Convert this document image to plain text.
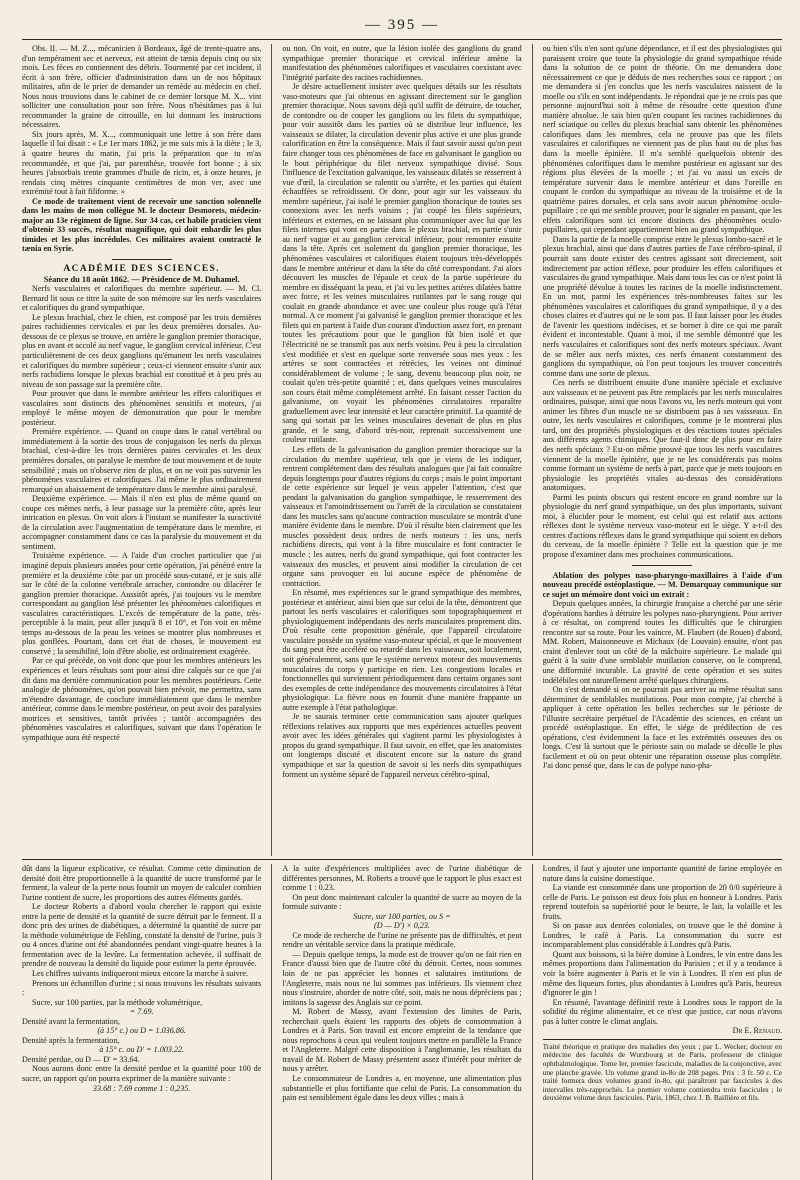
— 395 —

Obs. II. — M. Z..., mécanicien à Bordeaux, âgé de trente-quatre ans, d'un tempérament sec et nerveux, est atteint de tænia depuis cinq ou six mois. Les fèces en contiennent des débris. Tourmenté par cet incident, il écrit à son frère, officier d'administration dans un de nos hôpitaux militaires, afin de le prier de demander un remède au médecin en chef. Nous nous trouvions dans le cabinet de ce dernier lorsque M. X... vint solliciter une consultation pour son frère. Nous n'hésitâmes pas à lui recommander la graine de citrouille, en lui donnant les instructions nécessaires.

Six jours après, M. X..., communiquait une lettre à son frère dans laquelle il lui disait : « Le 1er mars 1862, je me suis mis à la diète ; le 3, à quatre heures du matin, j'ai pris la préparation que tu m'as recommandée, et que j'ai, par parenthèse, trouvée fort bonne ; à six heures j'absorbais trente grammes d'huile de ricin, et, à onze heures, je rendais cinq mètres cinquante centimètres de mon ver, avec une extrémité tout à fait filiforme. »

Ce mode de traitement vient de recevoir une sanction solennelle dans les mains de mon collègue M. le docteur Desmorets, médecin-major au 13e régiment de ligne. Sur 34 cas, cet habile praticien vient d'obtenir 33 succès, résultat magnifique, qui doit enhardir les plus timides et les plus incrédules. Ces militaires avaient contracté le tænia en Syrie.

ACADÉMIE DES SCIENCES.

Séance du 18 août 1862. — Présidence de M. Duhamel.

Nerfs vasculaires et calorifiques du membre supérieur. — M. Cl. Bernard lit sous ce titre la suite de son mémoire sur les nerfs vasculaires et calorifiques du grand sympathique.

Le plexus brachial, chez le chien, est composé par les trois dernières paires rachidiennes cervicales et par les deux premières dorsales. Au-dessous de ce plexus se trouve, en arrière le ganglion premier thoracique, plus en avant et accolé au nerf vague, le ganglion cervical inférieur. C'est particulièrement de ces deux ganglions qu'émanent les nerfs vasculaires et calorifiques du membre supérieur ; ceux-ci viennent ensuite s'unir aux nerfs rachidiens lorsque le plexus brachial est constitué et à peu près au niveau de son passage sur la première côte.

Pour prouver que dans le membre antérieur les effets calorifiques et vasculaires sont distincts des phénomènes sensitifs et moteurs, j'ai employé le même moyen de démonstration que pour le membre postérieur.

Première expérience. — Quand on coupe dans le canal vertébral ou immédiatement à la sortie des trous de conjugaison les nerfs du plexus brachial, c'est-à-dire les trois dernières paires cervicales et les deux premières dorsales, on paralyse le membre de tout mouvement et de toute sensibilité ; mais on n'observe rien de plus, et on ne voit pas survenir les phénomènes vasculaires et calorifiques. J'ai même le plus ordinairement remarqué un abaissement de température dans le membre ainsi paralysé.

Deuxième expérience. — Mais il n'en est plus de même quand on coupe ces mêmes nerfs, à leur passage sur la première côte, après leur intrication en plexus. On voit alors à l'instant se manifester la suractivité de la circulation avec l'augmentation de température dans le membre, et accompagner constamment dans ce cas la paralysie du mouvement et du sentiment.

Troisième expérience. — A l'aide d'un crochet particulier que j'ai imaginé depuis plusieurs années pour cette opération, j'ai pénétré entre la première et la deuxième côte par un procédé sous-cutané, et je suis allé sur le côté de la colonne vertébrale arracher, contondre ou dilacérer le ganglion premier thoracique. Aussitôt après, j'ai toujours vu le membre correspondant au ganglion lésé présenter les phénomènes calorifiques et vasculaires caractéristiques. L'excès de température de la patte, très-perceptible à la main, peut aller jusqu'à 8 et 10°, et l'on voit en même temps au-dessous de la peau les veines se montrer plus nombreuses et plus gonflées. Pourtant, dans cet état de choses, le mouvement est conservé ; la sensibilité, loin d'être abolie, est ordinairement exagérée.

Par ce qui précède, on voit donc que pour les membres antérieurs les expériences et leurs résultats sont pour ainsi dire calqués sur ce que j'ai dit dans ma dernière communication pour les membres postérieurs. Cette analogie de phénomènes, qu'on pouvait bien prévoir, me permettra, sans m'étendre davantage, de conclure immédiatement que dans le membre antérieur, comme dans le membre postérieur, on peut avoir des paralysies motrices et sensitives, tantôt privées ; tantôt accompagnées des phénomènes vasculaires et calorifiques, suivant que dans l'opération le sympathique aura été respecté

ou non. On voit, en outre, que la lésion isolée des ganglions du grand sympathique premier thoracique et cervical inférieur amène la manifestation des phénomènes calorifiques et vasculaires coexistant avec l'intégrité parfaite des racines rachidiennes.

Je désire actuellement insister avec quelques détails sur les résultats vaso-moteurs que j'ai obtenus en agissant directement sur le ganglion premier thoracique. Nous savons déjà qu'il suffit de détruire, de toucher, de contondre ou de couper les ganglions ou les filets du sympathique, pour voir aussitôt dans les parties où se distribue leur influence, les vaisseaux se dilater, la circulation devenir plus active et une plus grande calorification en être la conséquence. Mais il faut savoir aussi qu'on peut faire changer tous ces phénomènes de face en galvanisant le ganglion ou le bout périphérique du filet nerveux sympathique divisé. Sous l'influence de l'excitation galvanique, les vaisseaux dilatés se resserrent à vue d'œil, la circulation se ralentit ou s'arrête, et les parties qui étaient échauffées se refroidissent. Or donc, pour agir sur les vaisseaux du membre supérieur, j'ai isolé le premier ganglion thoracique de toutes ses connexions avec les nerfs voisins ; j'ai coupé les filets supérieurs, inférieurs et externes, en ne laissant plus communiquer avec lui que les filets internes qui vont en partie dans le plexus brachial, en partie s'unir au nerf vague et au ganglion cervical inférieur, pour remonter ensuite dans la tête. Après cet isolement du ganglion premier thoracique, les phénomènes vasculaires et calorifiques étaient toujours très-développés dans le membre antérieur et dans la tête du côté correspondant. J'ai alors découvert les muscles de l'épaule et ceux de la partie supérieure du membre en disséquant la peau, et j'ai vu les petites artères dilatées battre avec force, et les veines musculaires rutilantes par le sang rouge qui coulait en grande abondance et avec une couleur plus rouge qu'à l'état normal. A ce moment j'ai galvanisé le ganglion premier thoracique et les filets qui en partent à l'aide d'un courant d'induction assez fort, en prenant toutes les précautions pour que le ganglion fût bien isolé et que l'électricité ne se transmît pas aux nerfs voisins. Peu à peu la circulation s'est modifiée et s'est en quelque sorte renversée sous mes yeux : les artères se sont contractées et rétrécies, les veines ont diminué considérablement de volume ; le sang, devenu beaucoup plus noir, ne coulait qu'en très-petite quantité ; et, dans quelques veines musculaires son cours était même complétement arrêté. En faisant cesser l'action du galvanisme, on voyait les phénomènes circulatoires reparaître graduellement avec leur intensité et leur caractère primitif. La quantité de sang qui sortait par les veines musculaires devenait de plus en plus grande, et le sang, d'abord très-noir, reprenait successivement une couleur rutilante.

Les effets de la galvanisation du ganglion premier thoracique sur la circulation du membre supérieur, tels que je viens de les indiquer, rentrent complétement dans des résultats analogues que j'ai fait connaître depuis longtemps pour d'autres régions du corps ; mais le point important de cette expérience sur lequel je veux appeler l'attention, c'est que pendant la galvanisation du ganglion sympathique, le resserrement des vaisseaux et l'amoindrissement ou l'arrêt de la circulation se constataient dans les muscles sans qu'aucune contraction musculaire se montrât d'une manière évidente dans le membre. D'où il résulte bien clairement que les muscles possèdent deux ordres de nerfs moteurs : les uns, nerfs rachidiens directs, qui vont à la fibre musculaire et font contracter le muscle ; les autres, nerfs du grand sympathique, qui font contracter les vaisseaux des muscles, et peuvent ainsi modifier la circulation de cet organe sans provoquer en lui aucune espèce de phénomène de contraction.

En résumé, mes expériences sur le grand sympathique des membres, postérieur et antérieur, ainsi bien que sur celui de la tête, démontrent que partout les nerfs vasculaires et calorifiques sont topographiquement et physiologiquement indépendants des nerfs musculaires proprement dits. D'où résulte cette proposition générale, que l'appareil circulatoire vasculaire possède un système vaso-moteur spécial, et que le mouvement du sang peut être accéléré ou retardé dans les vaisseaux, soit localement, soit généralement, sans que le système nerveux moteur des mouvements musculaires du corps y participe en rien. Les congestions locales et fonctionnelles qui surviennent périodiquement dans certains organes sont des exemples de cette indépendance des mouvements circulatoires à l'état physiologique. La fièvre nous en fournit d'une manière frappante un autre exemple à l'état pathologique.

Je ne saurais terminer cette communication sans ajouter quelques réflexions relatives aux rapports que mes expériences actuelles peuvent avoir avec les idées générales qui s'agitent parmi les physiologistes à propos du grand sympathique. Il faut savoir, en effet, que les anatomistes ont longtemps discuté et discutent encore sur la nature du grand sympathique et sur la question de savoir si les nerfs dits sympathiques forment un système séparé de l'appareil nerveux cérébro-spinal,

ou bien s'ils n'en sont qu'une dépendance, et il est des physiologistes qui paraissent croire que toute la physiologie du grand sympathique réside dans la solution de ce point de théorie. On me demandera donc nécessairement ce que je déduis de mes recherches sous ce rapport ; on me demandera si j'en conclus que les nerfs vasculaires naissent de la moelle ou s'ils en sont indépendants. Je répondrai que je ne crois pas que personne aujourd'hui soit à même de résoudre cette question d'une manière absolue. Je sais bien qu'en coupant les racines rachidiennes du nerf sciatique ou celles du plexus brachial sans obtenir les phénomènes calorifiques dans les membres, cela ne prouve pas que les filets vasculaires et calorifiques ne viennent pas de plus haut ou de plus bas dans la moelle épinière. Il m'a semblé quelquefois obtenir des phénomènes calorifiques dans le membre postérieur en agissant sur des régions plus élevées de la moelle ; et j'ai vu aussi un excès de température survenir dans le membre antérieur et dans l'oreille en coupant le cordon du sympathique au niveau de la troisième et de la quatrième paires dorsales, et cela sans avoir aucun phénomène oculo-pupillaire ; ce qui me semble prouver, pour le signaler en passant, que les effets calorifiques sont ici encore distincts des phénomènes oculo-pupillaires, qui cependant appartiennent bien au grand sympathique.

Dans la partie de la moelle comprise entre le plexus lombo-sacré et le plexus brachial, ainsi que dans d'autres parties de l'axe cérébro-spinal, il pourrait sans doute exister des centres agissant soit directement, soit indirectement par action réflexe, pour produire les effets calorifiques et vasculaires du grand sympathique. Mais dans tous les cas ce n'est point là une propriété dévolue à toutes les racines de la moelle indistinctement. En un mot, parmi les expériences très-nombreuses faites sur les phénomènes vasculaires et calorifiques du grand sympathique, il y a des choses claires et d'autres qui ne le sont pas. Il faut laisser pour les études de l'avenir les questions indécises, et se borner à dire ce qui me paraît évident et incontestable. Quant à moi, il me semble démontré que les nerfs vasculaires et calorifiques sont des nerfs moteurs spéciaux. Avant de se mêler aux nerfs mixtes, ces nerfs émanent constamment des ganglions du sympathique, où l'on peut toujours les trouver concentrés comme dans une sorte de plexus.

Ces nerfs se distribuent ensuite d'une manière spéciale et exclusive aux vaisseaux et ne peuvent pas être remplacés par les nerfs musculaires ordinaires, puisque, ainsi que nous l'avons vu, les nerfs moteurs qui vont animer les fibres d'un muscle ne se distribuent pas à ses vaisseaux. En outre, les nerfs vasculaires et calorifiques, comme je le montrerai plus tard, ont des propriétés physiologiques et des réactions toutes spéciales aux différents agents chimiques. Que faut-il donc de plus pour en faire des nerfs spéciaux ? Est-on même prouvé que tous les nerfs vasculaires viennent de la moelle épinière, que je ne les considérerais pas moins comme formant un système de nerfs à part, parce que je mets toujours en physiologie les propriétés vitales au-dessus des considérations anatomiques.

Parmi les points obscurs qui restent encore en grand nombre sur la physiologie du nerf grand sympathique, un des plus importants, suivant moi, à élucider pour le moment, est celui qui est relatif aux actions réflexes dont le système nerveux vaso-moteur est le siège. Y a-t-il des centres d'actions réflexes dans le grand sympathique qui soient en dehors du cerveau, de la moelle épinière ? Telle est la question que je me propose d'examiner dans mes prochaines communications.

Ablation des polypes naso-pharyngo-maxillaires à l'aide d'un nouveau procédé ostéoplastique. — M. Demarquay communique sur ce sujet un mémoire dont voici un extrait :

Depuis quelques années, la chirurgie française a cherché par une série d'opérations hardies à détruire les polypes naso-pharyngiens. Pour arriver à ce résultat, on comprend toutes les difficultés que le chirurgien rencontre sur sa route. Pour les vaincre, M. Flaubert (de Rouen) d'abord, MM. Robert, Maisonneuve et Michaux (de Louvain) ensuite, n'ont pas craint d'enlever tout un côté de la mâchoire supérieure. Le malade qui guérit à la suite d'une semblable mutilation conserve, on le comprend, une difformité incurable. La gravité de cette opération et ses suites indélébiles ont naturellement arrêté quelques chirurgiens.

On s'est demandé si on ne pourrait pas arriver au même résultat sans déterminer de semblables mutilations. Pour mon compte, j'ai cherché à appliquer à cette opération les belles recherches sur le périoste de l'illustre secrétaire perpétuel de l'Académie des sciences, en créant un procédé ostéoplastique. En effet, le siége de prédilection de ces opérations, c'est évidemment la face et les extrémités osseuses des os longs. C'est là surtout que le périoste sain ou malade se décolle le plus facilement et où on peut obtenir une réparation osseuse plus complète. J'ai donc pensé que, dans le cas de polype naso-pha-

dût dans la liqueur explicative, ce résultat. Comme cette diminution de densité doit être proportionnelle à la quantité de sucre transformé par le ferment, la valeur de la perte nous fournit un moyen de calculer combien l'urine contient de sucre, les proportions des autres éléments gardés.

Le docteur Roberts a d'abord voulu chercher le rapport qui existe entre la perte de densité et la quantité de sucre détruit par le ferment. Il a donc pris des urines de diabétiques, a déterminé la quantité de sucre par la méthode volumétrique de Fehling, constaté la densité de l'urine, puis 3 ou 4 onces d'urine ont été abandonnées pendant vingt-quatre heures à la fermentation avec de la levûre. La fermentation achevée, il suffisait de prendre de nouveau la densité du liquide pour estimer la perte éprouvée.

Les chiffres suivants indiqueront mieux encore la marche à suivre.

Prenons un échantillon d'urine ; si nous trouvons les résultats suivants :

Sucre, sur 100 parties, par la méthode volumétrique,

= 7.69.

Densité avant la fermentation,

(à 15° c.) ou D = 1.036.86.

Densité après la fermentation,

à 15° c. ou D' = 1.003.22.

Densité perdue, ou D — D' = 33.64.

Nous aurons donc entre la densité perdue et la quantité pour 100 de sucre, un rapport qu'on pourra exprimer de la manière suivante :

33.68 : 7.69 comme 1 : 0,235.

A la suite d'expériences multipliées avec de l'urine diabétique de différentes personnes, M. Roberts a trouvé que le rapport le plus exact est comme 1 : 0.23.

On peut donc maintenant calculer la quantité de sucre au moyen de la formule suivante :

Sucre, sur 100 parties, ou S =

(D — D') × 0,23.

Ce mode de recherche de l'urine ne présente pas de difficultés, et peut rendre un véritable service dans la pratique médicale.

— Depuis quelque temps, la mode est de trouver qu'on ne fait rien en France d'aussi bien que de l'autre côté du détroit. Certes, nous sommes loin de ne pas apprécier les bonnes et salutaires institutions de l'Angleterre, mais nous ne lui sommes pas inférieurs. Ils viennent chez nous s'instruire, aborder de notre côté, soit, mais ne nous dépréciens pas ; imitons la sagesse des Anglais sur ce point.

M. Robert de Massy, avant l'extension des limites de Paris, recherchait quels étaient les rapports des objets de consommation à Londres et à Paris. Son travail est encore empreint de la tendance que nous reprochons à ceux qui veulent toujours mettre en parallèle la France et l'Angleterre. Malgré cette disposition à l'anglomanie, les résultats du travail de M. Robert de Massy présentent assez d'intérêt pour mériter de nous y arrêter.

Le consommateur de Londres a, en moyenne, une alimentation plus substantielle et plus fortifiante que celui de Paris. La consommation du pain est sensiblement égale dans les deux villes ; mais à

Londres, il faut y ajouter une importante quantité de farine employée en nature dans la cuisine domestique.

La viande est consommée dans une proportion de 20 0/0 supérieure à celle de Paris. Le poisson est deux fois plus en honneur à Londres. Paris reprend toutefois sa supériorité pour le beurre, le lait, la volaille et les fruits.

Si on passe aux denrées coloniales, on trouve que le thé domine à Londres, le café à Paris. La consommation du sucre est incomparablement plus considérable à Londres qu'à Paris.

Quant aux boissons, si la bière domine à Londres, le vin entre dans les mêmes proportions dans l'alimentation du Parisien ; et il y a tendance à voir la bière augmenter à Paris et le vin à Londres. Il n'en est plus de même des liqueurs fortes, plus abondantes à Londres qu'à Paris, heureux d'ignorer le gin !

En résumé, l'avantage définitif reste à Londres sous le rapport de la solidité du régime alimentaire, et ce n'est que justice, car nous n'avons pas à lutter contre le climat anglais.

Dr E. Renaud.

Traité théorique et pratique des maladies des yeux ; par L. Wecker, docteur en médecine des facultés de Wurzbourg et de Paris, professeur de clinique ophthalmologique. Tome Ier, premier fascicule, maladies de la conjonctive, avec une planche gravée. Un volume grand in-8o de 208 pages. Prix : 3 fr. 50 c. Ce traité formera deux volumes grand in-8o, qui paraîtront par fascicules à des intervalles très-rapprochés. Le premier volume contiendra trois fascicules ; le deuxième volume deux fascicules. Paris, 1863, chez J. B. Baillière et fils.
